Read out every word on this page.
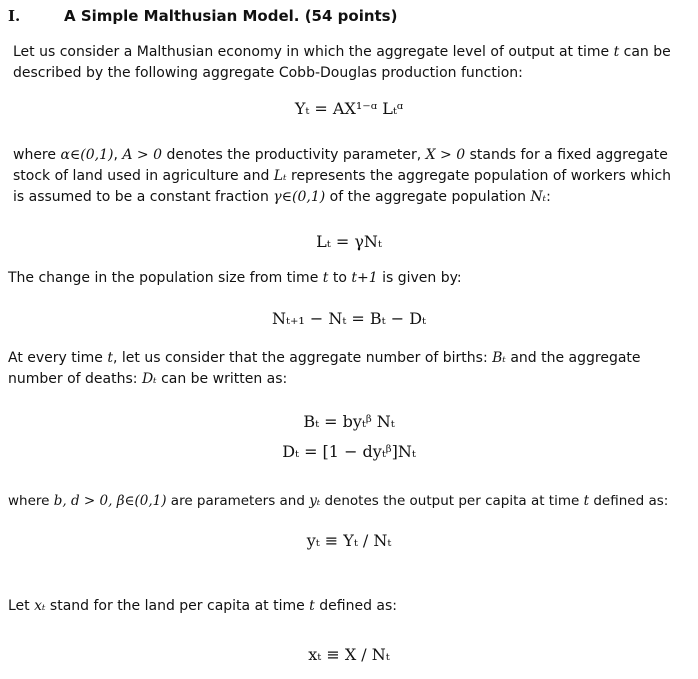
I.	A Simple Malthusian Model. (54 points)
Let us consider a Malthusian economy in which the aggregate level of output at time t can be described by the following aggregate Cobb-Douglas production function:
Yₜ = AX¹⁻ᵅ Lₜᵅ
where α∈(0,1), A > 0 denotes the productivity parameter, X > 0 stands for a fixed aggregate stock of land used in agriculture and Lₜ represents the aggregate population of workers which is assumed to be a constant fraction γ∈(0,1) of the aggregate population Nₜ:
Lₜ = γNₜ
The change in the population size from time t to t+1 is given by:
Nₜ₊₁ − Nₜ = Bₜ − Dₜ
At every time t, let us consider that the aggregate number of births: Bₜ and the aggregate number of deaths: Dₜ can be written as:
Bₜ = byₜᵝ Nₜ
Dₜ = [1 − dyₜᵝ]Nₜ
where b, d > 0, β∈(0,1) are parameters and yₜ denotes the output per capita at time t defined as:
yₜ ≡ Yₜ / Nₜ
Let xₜ stand for the land per capita at time t defined as:
xₜ ≡ X / Nₜ
